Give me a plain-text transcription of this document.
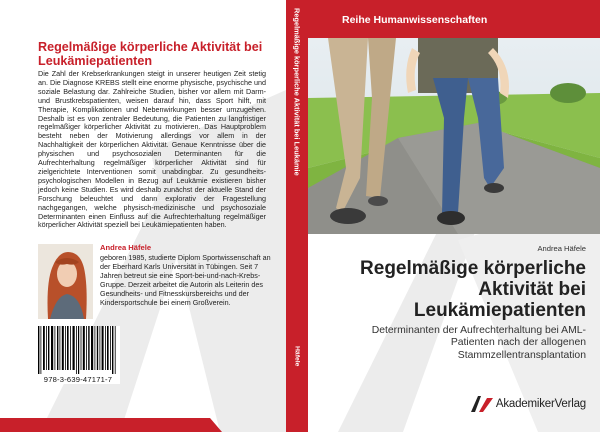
Regelmäßige körperliche Aktivität bei Leukämiepatienten
Die Zahl der Krebserkrankungen steigt in unserer heutigen Zeit stetig an. Die Diagnose KREBS stellt eine enorme physische, psychische und soziale Belastung dar. Zahlreiche Studien, bisher vor allem mit Darm- und Brustkrebspatienten, weisen darauf hin, dass Sport hilft, mit Therapie, Komplikationen und Nebenwirkungen besser umzugehen. Deshalb ist es von zentraler Bedeutung, die Patienten zu langfristiger regelmäßiger körperlicher Aktivität zu motivieren. Das Hauptproblem besteht neben der Motivierung allerdings vor allem in der Nachhaltigkeit der körperlichen Aktivität. Genaue Kenntnisse über die physischen und psychosozialen Determinanten für die Aufrechterhaltung regelmäßiger körperlicher Aktivität sind für zielgerichtete Interventionen somit unabdingbar. Zu gesundheits-psychologischen Modellen in Bezug auf Leukämie existieren bisher jedoch keine Studien. Es wird deshalb zunächst der aktuelle Stand der Forschung beleuchtet und dann explorativ der Fragestellung nachgegangen, welche physisch-medizinische und psychosoziale Determinanten einen Einfluss auf die Aufrechterhaltung regelmäßiger körperlicher Aktivität speziell bei Leukämiepatienten haben.
Andrea Häfele
geboren 1985, studierte Diplom Sportwissenschaft an der Eberhard Karls Universität in Tübingen. Seit 7 Jahren betreut sie eine Sport-bei-und-nach-Krebs-Gruppe. Derzeit arbeitet die Autorin als Leiterin des Gesundheits- und Fitnesskursbereichs und der Kindersportschule bei einem Großverein.
978-3-639-47171-7
Regelmäßige körperliche Aktivität bei Leukämie
Häfele
Reihe Humanwissenschaften
Andrea Häfele
Regelmäßige körperliche Aktivität bei Leukämiepatienten
Determinanten der Aufrechterhaltung bei AML-Patienten nach der allogenen Stammzellentransplantation
AkademikerVerlag
